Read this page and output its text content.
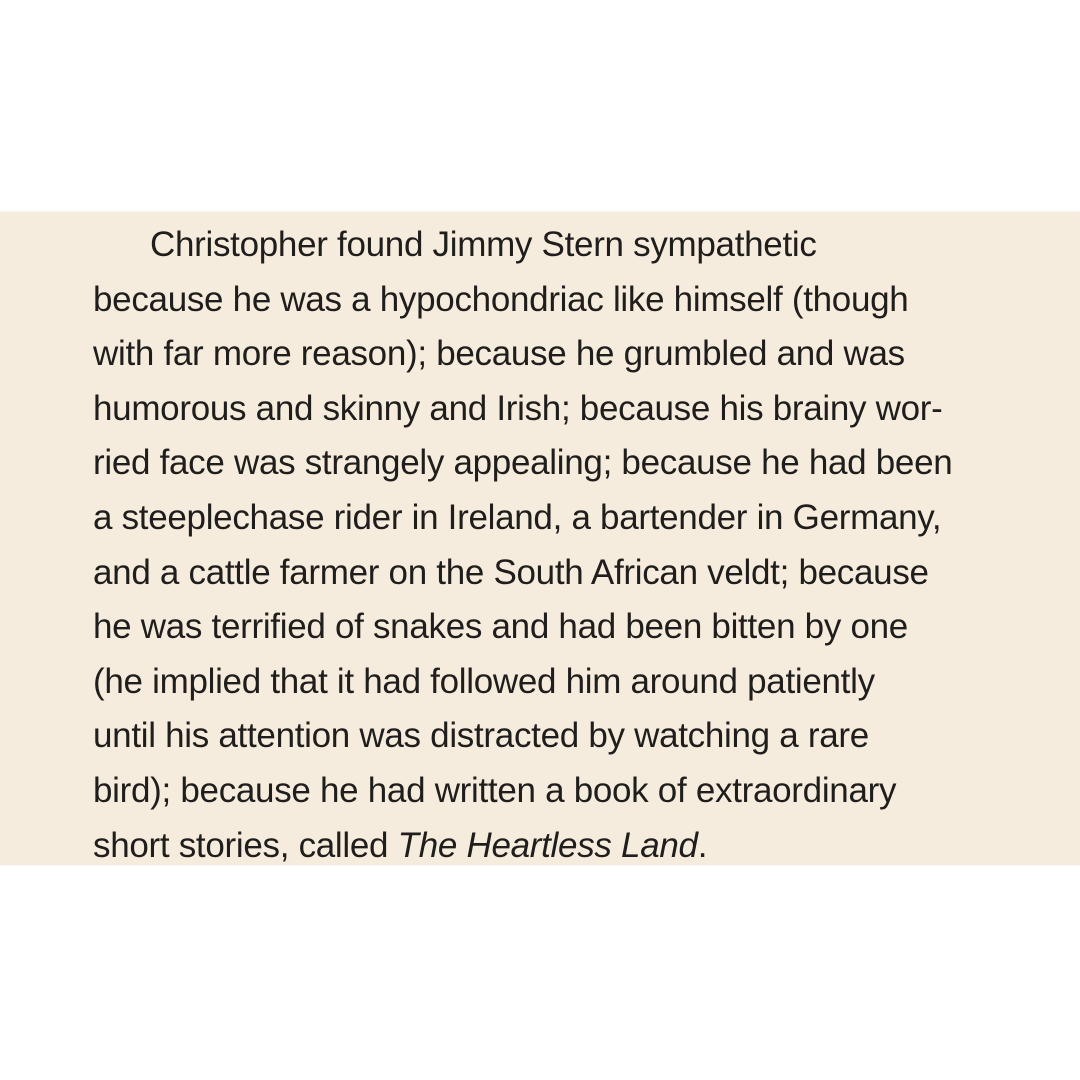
Christopher found Jimmy Stern sympathetic
because he was a hypochondriac like himself (though
with far more reason); because he grumbled and was
humorous and skinny and Irish; because his brainy wor-
ried face was strangely appealing; because he had been
a steeplechase rider in Ireland, a bartender in Germany,
and a cattle farmer on the South African veldt; because
he was terrified of snakes and had been bitten by one
(he implied that it had followed him around patiently
until his attention was distracted by watching a rare
bird); because he had written a book of extraordinary
short stories, called The Heartless Land.
